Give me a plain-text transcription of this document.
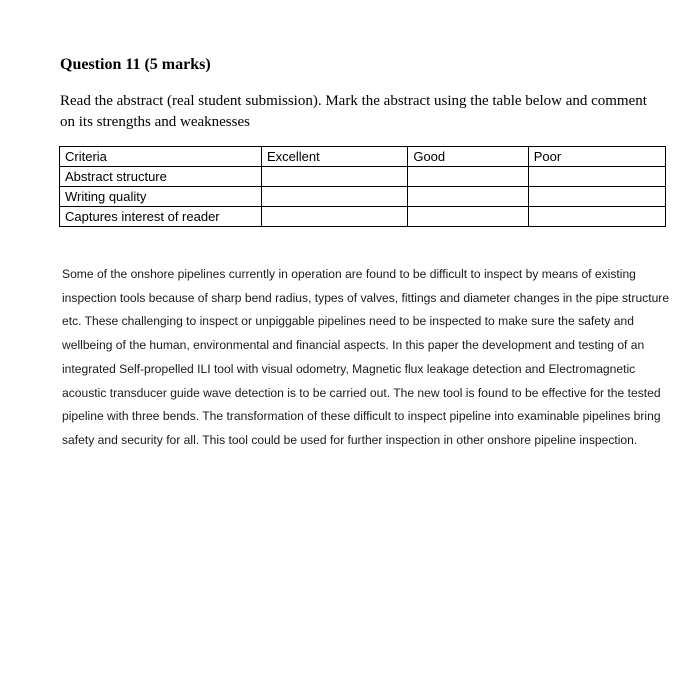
Question 11 (5 marks)

Read the abstract (real student submission). Mark the abstract using the table below and comment on its strengths and weaknesses

Criteria	Excellent	Good	Poor
Abstract structure			
Writing quality			
Captures interest of reader			

Some of the onshore pipelines currently in operation are found to be difficult to inspect by means of existing inspection tools because of sharp bend radius, types of valves, fittings and diameter changes in the pipe structure etc. These challenging to inspect or unpiggable pipelines need to be inspected to make sure the safety and wellbeing of the human, environmental and financial aspects. In this paper the development and testing of an integrated Self-propelled ILI tool with visual odometry, Magnetic flux leakage detection and Electromagnetic acoustic transducer guide wave detection is to be carried out. The new tool is found to be effective for the tested pipeline with three bends. The transformation of these difficult to inspect pipeline into examinable pipelines bring safety and security for all. This tool could be used for further inspection in other onshore pipeline inspection.
